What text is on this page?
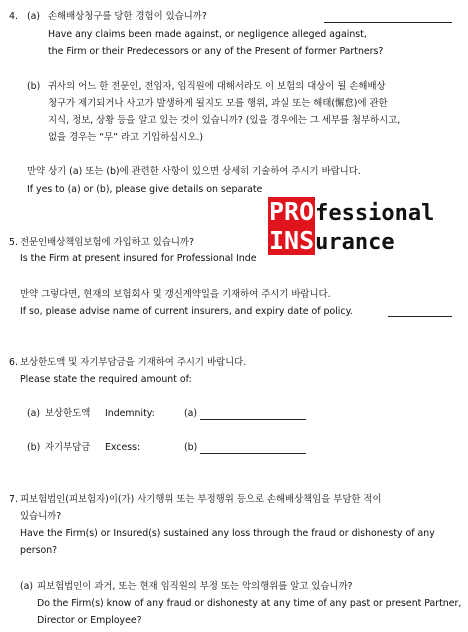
4. (a) 손해배상청구를 당한 경험이 있습니까?
Have any claims been made against, or negligence alleged against,
the Firm or their Predecessors or any of the Present of former Partners?
(b) 귀사의 어느 한 전문인, 전임자, 임직원에 대해서라도 이 보험의 대상이 될 손해배상
청구가 제기되거나 사고가 발생하게 될지도 모를 행위, 과실 또는 해태(懈怠)에 관한
지식, 정보, 상황 등을 알고 있는 것이 있습니까? (있을 경우에는 그 세부를 첨부하시고,
없을 경우는 “무” 라고 기입하십시오.)
만약 상기 (a) 또는 (b)에 관련한 사항이 있으면 상세히 기술하여 주시기 바랍니다.
If yes to (a) or (b), please give details on separate
PROfessional
INSurance
5. 전문인배상책임보험에 가입하고 있습니까?
Is the Firm at present insured for Professional Inde
만약 그렇다면, 현재의 보험회사 및 갱신계약일을 기재하여 주시기 바랍니다.
If so, please advise name of current insurers, and expiry date of policy.
6. 보상한도액 및 자기부담금을 기재하여 주시기 바랍니다.
Please state the required amount of:
(a) 보상한도액 Indemnity:	(a)
(b) 자기부담금 Excess:	(b)
7. 피보험법인(피보험자)이(가) 사기행위 또는 부정행위 등으로 손해배상책임을 부담한 적이
있습니까?
Have the Firm(s) or Insured(s) sustained any loss through the fraud or dishonesty of any
person?
(a) 피보험법인이 과거, 또는 현재 임직원의 부정 또는 악의행위를 알고 있습니까?
Do the Firm(s) know of any fraud or dishonesty at any time of any past or present Partner,
Director or Employee?
